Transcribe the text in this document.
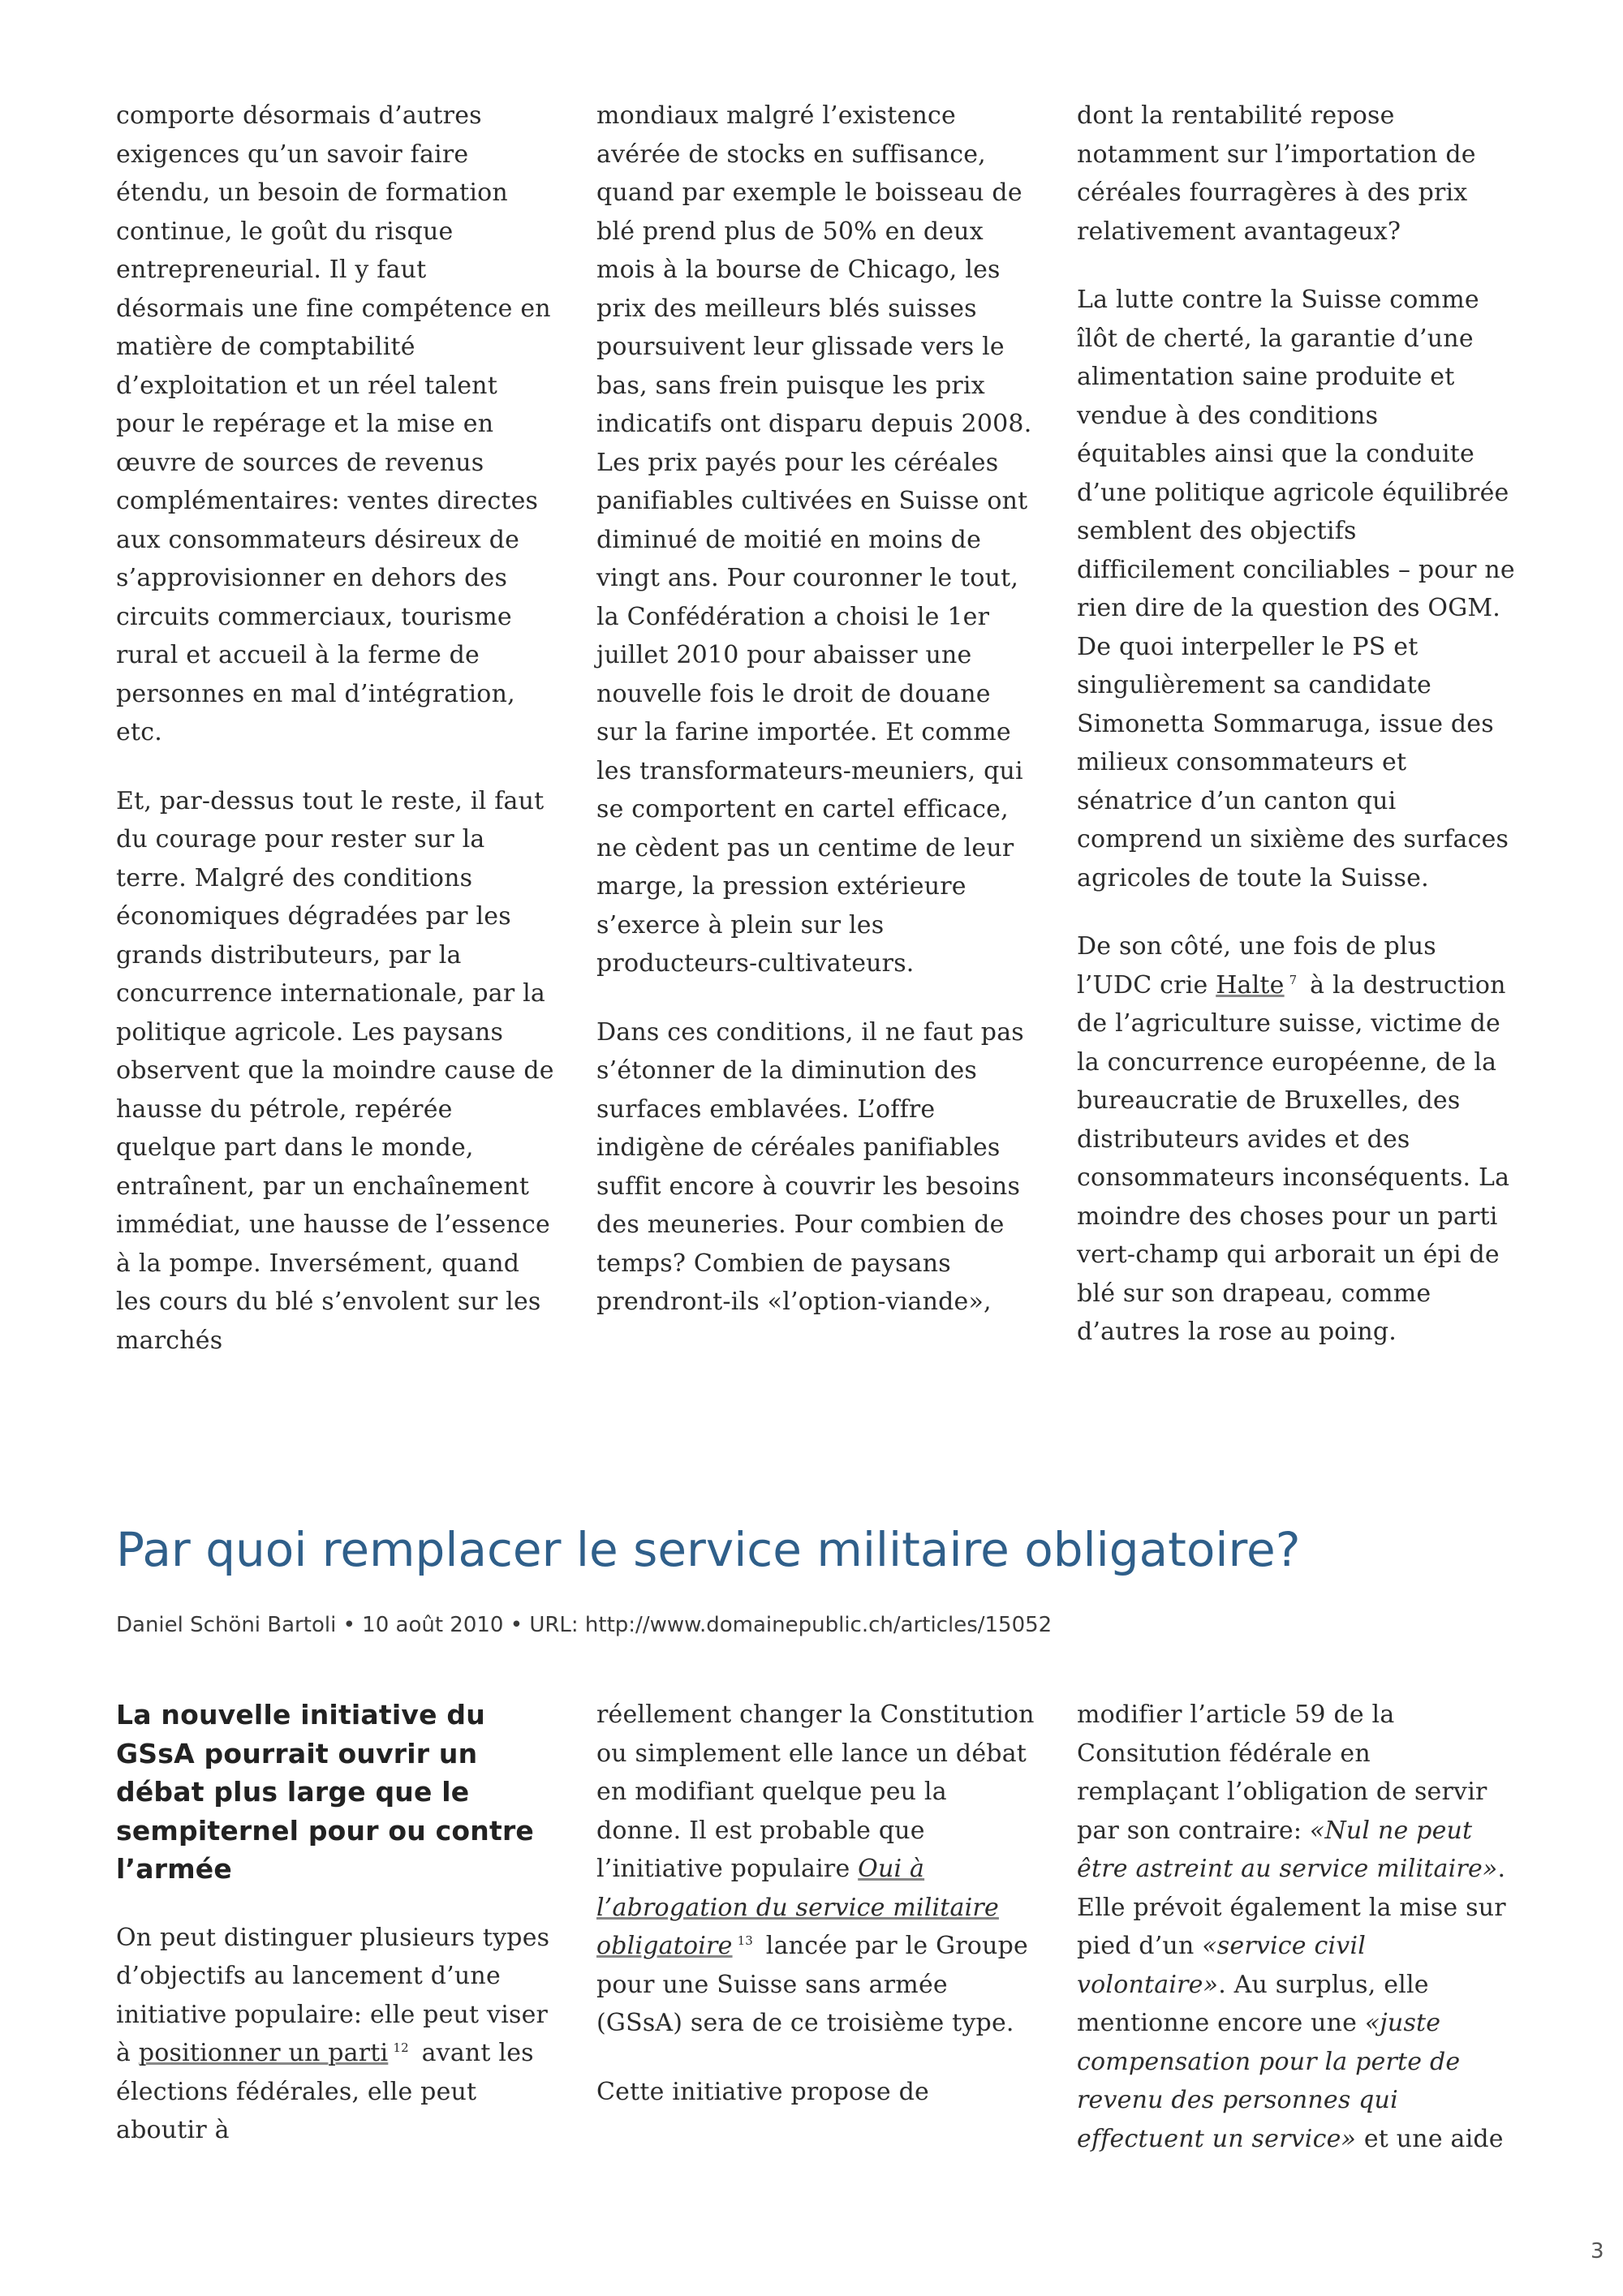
comporte désormais d’autres exigences qu’un savoir faire étendu, un besoin de formation continue, le goût du risque entrepreneurial. Il y faut désormais une fine compétence en matière de comptabilité d’exploitation et un réel talent pour le repérage et la mise en œuvre de sources de revenus complémentaires: ventes directes aux consommateurs désireux de s’approvisionner en dehors des circuits commerciaux, tourisme rural et accueil à la ferme de personnes en mal d’intégration, etc.

Et, par-dessus tout le reste, il faut du courage pour rester sur la terre. Malgré des conditions économiques dégradées par les grands distributeurs, par la concurrence internationale, par la politique agricole. Les paysans observent que la moindre cause de hausse du pétrole, repérée quelque part dans le monde, entraînent, par un enchaînement immédiat, une hausse de l’essence à la pompe. Inversément, quand les cours du blé s’envolent sur les marchés

mondiaux malgré l’existence avérée de stocks en suffisance, quand par exemple le boisseau de blé prend plus de 50% en deux mois à la bourse de Chicago, les prix des meilleurs blés suisses poursuivent leur glissade vers le bas, sans frein puisque les prix indicatifs ont disparu depuis 2008. Les prix payés pour les céréales panifiables cultivées en Suisse ont diminué de moitié en moins de vingt ans. Pour couronner le tout, la Confédération a choisi le 1er juillet 2010 pour abaisser une nouvelle fois le droit de douane sur la farine importée. Et comme les transformateurs-meuniers, qui se comportent en cartel efficace, ne cèdent pas un centime de leur marge, la pression extérieure s’exerce à plein sur les producteurs-cultivateurs.

Dans ces conditions, il ne faut pas s’étonner de la diminution des surfaces emblavées. L’offre indigène de céréales panifiables suffit encore à couvrir les besoins des meuneries. Pour combien de temps? Combien de paysans prendront-ils «l’option-viande»,

dont la rentabilité repose notamment sur l’importation de céréales fourragères à des prix relativement avantageux?

La lutte contre la Suisse comme îlôt de cherté, la garantie d’une alimentation saine produite et vendue à des conditions équitables ainsi que la conduite d’une politique agricole équilibrée semblent des objectifs difficilement conciliables – pour ne rien dire de la question des OGM. De quoi interpeller le PS et singulièrement sa candidate Simonetta Sommaruga, issue des milieux consommateurs et sénatrice d’un canton qui comprend un sixième des surfaces agricoles de toute la Suisse.

De son côté, une fois de plus l’UDC crie Halte $^7$ à la destruction de l’agriculture suisse, victime de la concurrence européenne, de la bureaucratie de Bruxelles, des distributeurs avides et des consommateurs inconséquents. La moindre des choses pour un parti vert-champ qui arborait un épi de blé sur son drapeau, comme d’autres la rose au poing.

Par quoi remplacer le service militaire obligatoire?
Daniel Schöni Bartoli • 10 août 2010 • URL: http://www.domainepublic.ch/articles/15052
La nouvelle initiative du GSsA pourrait ouvrir un débat plus large que le sempiternel pour ou contre l’armée

On peut distinguer plusieurs types d’objectifs au lancement d’une initiative populaire: elle peut viser à positionner un parti $^{12}$ avant les élections fédérales, elle peut aboutir à

réellement changer la Constitution ou simplement elle lance un débat en modifiant quelque peu la donne. Il est probable que l’initiative populaire Oui à l’abrogation du service militaire obligatoire $^{13}$ lancée par le Groupe pour une Suisse sans armée (GSsA) sera de ce troisième type.

Cette initiative propose de

modifier l’article 59 de la Consitution fédérale en remplaçant l’obligation de servir par son contraire: «Nul ne peut être astreint au service militaire». Elle prévoit également la mise sur pied d’un «service civil volontaire». Au surplus, elle mentionne encore une «juste compensation pour la perte de revenu des personnes qui effectuent un service» et une aide

3
